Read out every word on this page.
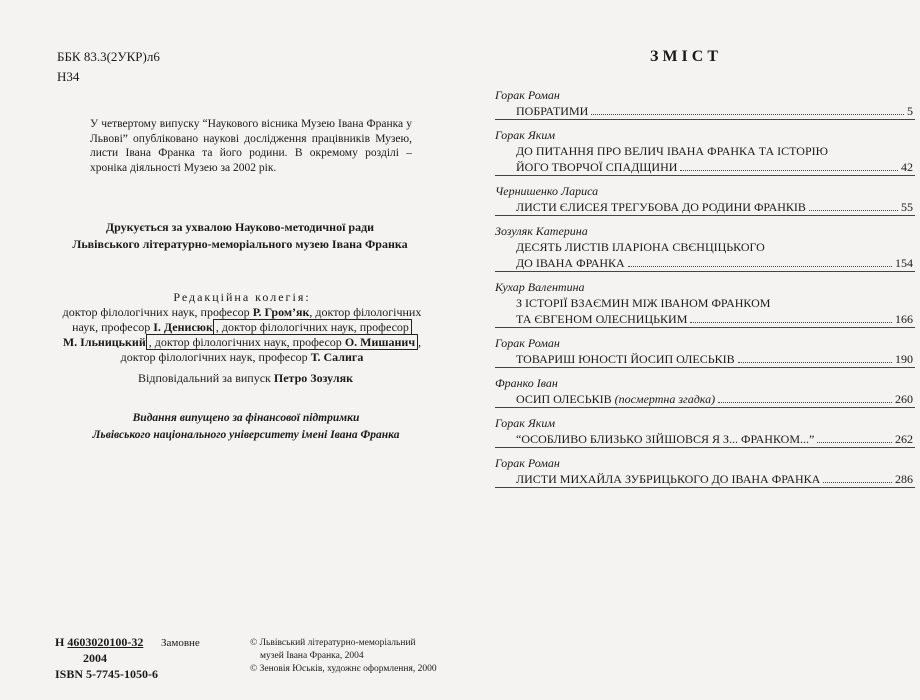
ББК 83.3(2УКР)л6
Н34
У четвертому випуску “Наукового вісника Музею Івана Франка у Львові” опубліковано наукові дослідження працівників Музею, листи Івана Франка та його родини. В окремому розділі – хроніка діяльності Музею за 2002 рік.
Друкується за ухвалою Науково-методичної ради
Львівського літературно-меморіального музею Івана Франка
Редакційна колегія:
доктор філологічних наук, професор Р. Гром’як, доктор філологічних
наук, професор І. Денисюк , доктор філологічних наук, професор
М. Ільницький , доктор філологічних наук, професор О. Мишанич ,
доктор філологічних наук, професор Т. Салига
Відповідальний за випуск Петро Зозуляк
Видання випущено за фінансової підтримки
Львівського національного університету імені Івана Франка
Н 4603020100-32
2004
ISBN 5-7745-1050-6
Замовне	© Львівський літературно-меморіальний
музей Івана Франка, 2004
© Зеновія Юськів, художнє оформлення, 2000
ЗМІСТ
Горак Роман
ПОБРАТИМИ	5
Горак Яким
ДО ПИТАННЯ ПРО ВЕЛИЧ ІВАНА ФРАНКА ТА ІСТОРІЮ
ЙОГО ТВОРЧОЇ СПАДЩИНИ	42
Чернишенко Лариса
ЛИСТИ ЄЛИСЕЯ ТРЕГУБОВА ДО РОДИНИ ФРАНКІВ	55
Зозуляк Катерина
ДЕСЯТЬ ЛИСТІВ ІЛАРІОНА СВЄНЦІЦЬКОГО
ДО ІВАНА ФРАНКА	154
Кухар Валентина
З ІСТОРІЇ ВЗАЄМИН МІЖ ІВАНОМ ФРАНКОМ
ТА ЄВГЕНОМ ОЛЕСНИЦЬКИМ	166
Горак Роман
ТОВАРИШ ЮНОСТІ ЙОСИП ОЛЕСЬКІВ	190
Франко Іван
ОСИП ОЛЕСЬКІВ (посмертна згадка)	260
Горак Яким
“ОСОБЛИВО БЛИЗЬКО ЗІЙШОВСЯ Я З... ФРАНКОМ...”	262
Горак Роман
ЛИСТИ МИХАЙЛА ЗУБРИЦЬКОГО ДО ІВАНА ФРАНКА	286
